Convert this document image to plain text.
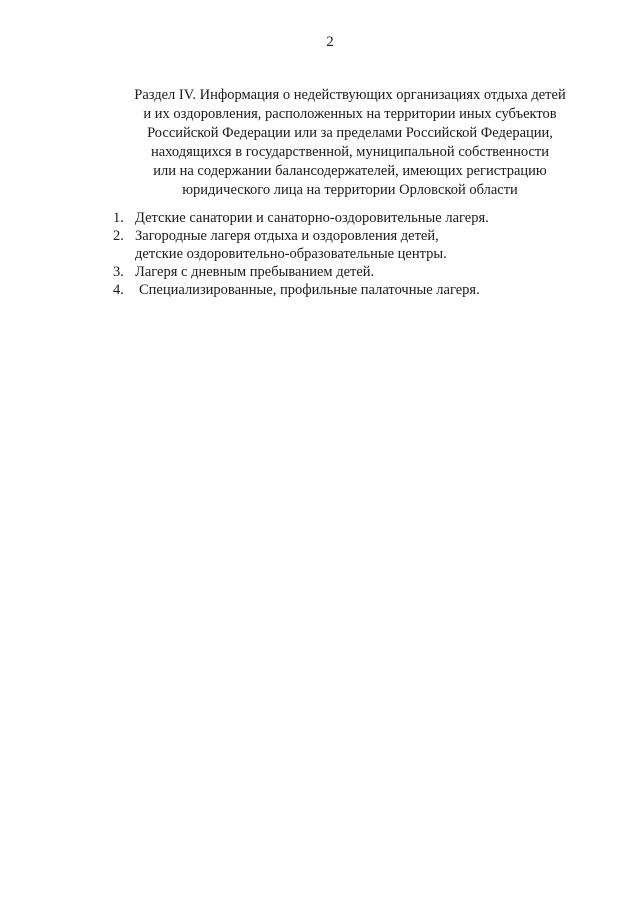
2
Раздел IV. Информация о недействующих организациях отдыха детей
и их оздоровления, расположенных на территории иных субъектов
Российской Федерации или за пределами Российской Федерации,
находящихся в государственной, муниципальной собственности
или на содержании балансодержателей, имеющих регистрацию
юридического лица на территории Орловской области
1. Детские санатории и санаторно-оздоровительные лагеря.
2. Загородные лагеря отдыха и оздоровления детей,
детские оздоровительно-образовательные центры.
3. Лагеря с дневным пребыванием детей.
4.	Специализированные, профильные палаточные лагеря.
